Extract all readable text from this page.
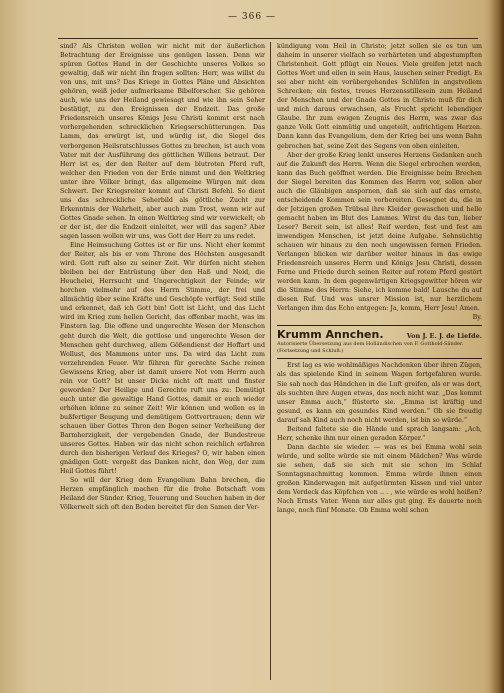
— 366 —

sind? Als Christen wollen wir nicht mit der äußerlichen Betrachtung der Ereignisse uns genügen lassen. Denn wir spüren Gottes Hand in der Geschichte unseres Volkes so gewaltig, daß wir nicht ihn fragen sollten: Herr, was willst du von uns, mit uns? Das Kriege in Gottes Pläne und Absichten gehören, weiß jeder aufmerksame Bibelforscher. Sie gehören auch, wie uns der Heiland gewiesagt und wie ihn sein Seher bestätigt, zu den Ereignissen der Endzeit. Das große Friedensreich unseres Königs Jesu Christi kommt erst nach vorhergehenden schrecklichen Kriegserschütterungen. Das Lamm, das erwürgt ist, und würdig ist, die Siegel des verborgenen Heilsratschlusses Gottes zu brechen, ist auch vom Vater mit der Ausführung des göttlichen Willens betraut. Der Herr ist es, der den Reiter auf dem blutroten Pferd ruft, welcher den Frieden von der Erde nimmt und den Weltkrieg unter ihre Völker bringt, das allgemeine Würgen mit dem Schwert. Der Kriegsreiter kommt auf Christi Befehl. So dient uns das schreckliche Seherbild als göttliche Zucht zur Erkenntnis der Wahrheit, aber auch zum Trost, wenn wir auf Gottes Gnade sehen. In einen Weltkrieg sind wir verwickelt; ob er der ist, der die Endzeit einleitet, wer will das sagen? Aber sagen lassen wollen wir uns, was Gott der Herr zu uns redet.

Eine Heimsuchung Gottes ist er für uns. Nicht eher kommt der Reiter, als bis er vom Throne des Höchsten ausgesandt wird. Gott ruft also zu seiner Zeit. Wir dürfen nicht stehen bleiben bei der Entrüstung über den Haß und Neid, die Heuchelei, Herrsucht und Ungerechtigkeit der Feinde; wir horchen vielmehr auf des Herrn Stimme, der frei und allmächtig über seine Kräfte und Geschöpfe verfügt: Seid stille und erkennet, daß ich Gott bin! Gott ist Licht, und das Licht wird im Krieg zum hellen Gericht, das offenbar macht, was im Finstern lag. Die offene und ungerechte Wesen der Menschen geht durch die Welt, die gottlose und ungerechte Wesen der Menschen geht durchweg, allem Gößendienst der Hoffart und Wollust, des Mammons unter uns. Da wird das Licht zum verzehrenden Feuer. Wir führen für gerechte Sache reinen Gewissens Krieg, aber ist damit unsere Not vom Herrn auch rein vor Gott? Ist unser Dicke nicht oft matt und finster geworden? Der Heilige und Gerechte ruft uns zu: Demütigt euch unter die gewaltige Hand Gottes, damit er euch wieder erhöhen könne zu seiner Zeit! Wir können und wollen es in bußfertiger Beugung und demütigem Gottvertrauen; denn wir schauen über Gottes Thron den Bogen seiner Verheißung der Barmherzigkeit, der vergebenden Gnade, der Bundestreue unseres Gottes. Haben wir das nicht schon reichlich erfahren durch den bisherigen Verlauf des Krieges? O, wir haben einen gnädigen Gott: vergeßt das Danken nicht, den Weg, der zum Heil Gottes führt!

So will der Krieg dem Evangelium Bahn brechen, die Herzen empfänglich machen für die frohe Botschaft vom Heiland der Sünder. Krieg, Teuerung und Seuchen haben in der Völkerwelt sich oft den Boden bereitet für den Samen der Ver-

kündigung vom Heil in Christo; jetzt sollen sie es tun um daheim in unserer vielfach so verhärteten und abgestumpften Christenheit. Gott pflügt ein Neues. Viele greifen jetzt nach Gottes Wort und eilen in sein Haus, lauschen seiner Predigt. Es sei aber nicht ein vorübergehendes Schlüfen in angstvollem Schrecken; ein festes, treues Herzensstillesein zum Heiland der Menschen und der Gnade Gottes in Christo muß für dich und mich daraus erwachsen, als Frucht spricht lebendiger Glaube. Ihr zum ewigen Zeugnis des Herrn, was zwar das ganze Volk Gott einmütig und ungeteilt, aufrichtigem Herzen. Dann kann das Evangelium, dem der Krieg bei uns wenn Bahn gebrochen hat, seine Zeit des Segens von oben einleiten.

Aber der große Krieg lenkt unseres Herzens Gedanken auch auf die Zukunft des Herrn. Wenn die Siegel erbrochen werden, kann das Buch geöffnet werden. Die Ereignisse beim Brechen der Siegel bereiten das Kommen des Herrn vor, sollen aber auch die Gläubigen anspornen, daß sie sich auf das ernste, entscheidende Kommen sein vorbereiten. Gesegnet du, die in der Jetzigen großen Trübsal ihre Kleider gewaschen und helle gemacht haben im Blut des Lammes. Wirst du das tun, lieber Leser? Bereit sein, ist alles! Reif werden, fest und fest am inwendigen Menschen, ist jetzt deine Aufgabe. Sehnsüchtig schauen wir hinaus zu den noch ungewissen fernen Frieden. Verlangen blicken wir darüber weiter hinaus in das ewige Friedensreich unseres Herrn und Königs Jesu Christi, dessen Ferne und Friede durch seinen Reiter auf rotem Pferd gestört werden kann. In dem gegenwärtigen Kriegsgewitter hören wir die Stimme des Herrn: Siehe, ich komme bald! Lausche du auf diesen Ruf. Und was unsrer Mission ist, nur herzlichem Verlangen ihm das Echo entgegen: Ja, komm, Herr Jesu! Amen.

By.
Krumm Annchen.	Von J. E. J. de Liefde.
Autorisierte Übersetzung aus dem Holländischen von F. Gotthold-Sänder. (Fortsetzung und Schluß.)

Erst lag es wie wohlmäßiges Nachdenken über ihren Zügen, als das spielende Kind in seinem Wagen fortgefahren wurde. Sie sah noch das Händchen in die Luft greifen, als er was dort, als suchten ihre Augen etwas, das noch nicht war. „Das kommt unser Emma auch,“ flüsterte sie. „Emma ist kräftig und gesund, es kann ein gesundes Kind werden.“ Ob sie freudig darauf sah Kind auch noch nicht werden, ist bin so würde.“

Beitend faltete sie die Hände und sprach langsam: „Ach, Herr, schenke ihm nur einen geraden Körper.“

Dann dachte sie wieder. — was es bei Emma wohl sein würde, und sollte würde sie mit einem Mädchen? Was würde sie sehen, daß sie sich mit sie schon im Schlaf Sonntagsnachmittag kommen. Emma würde ihnen einen großen Kinderwagen mit aufgetürmten Kissen und viel unter dem Verdeck das Köpfchen von .. . , wie würde es wohl heißen? Nach Ernsts Vater. Wenn nur alles gut ging. Es dauerte noch lange, noch fünf Monate. Ob Emma wohl schon
